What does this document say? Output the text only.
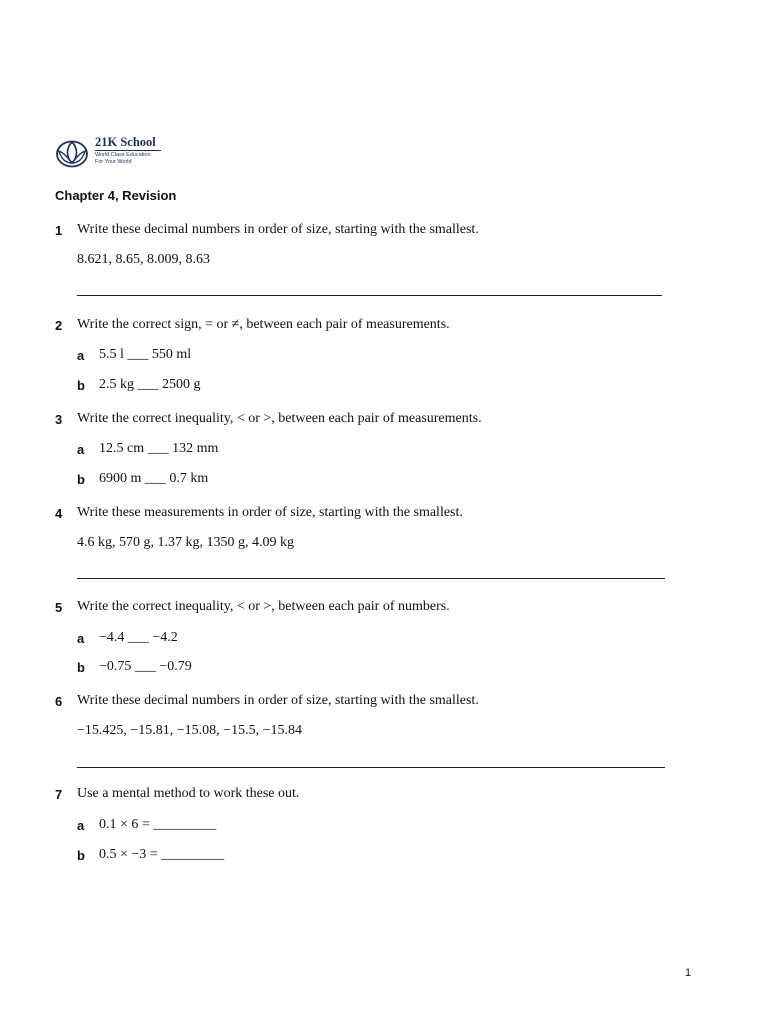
21K School
World Class Education
For Your World
Chapter 4, Revision
1 Write these decimal numbers in order of size, starting with the smallest.
8.621, 8.65, 8.009, 8.63
2 Write the correct sign, = or ≠, between each pair of measurements.
a 5.5 l ___ 550 ml
b 2.5 kg ___ 2500 g
3 Write the correct inequality, < or >, between each pair of measurements.
a 12.5 cm ___ 132 mm
b 6900 m ___ 0.7 km
4 Write these measurements in order of size, starting with the smallest.
4.6 kg, 570 g, 1.37 kg, 1350 g, 4.09 kg
5 Write the correct inequality, < or >, between each pair of numbers.
a −4.4 ___ −4.2
b −0.75 ___ −0.79
6 Write these decimal numbers in order of size, starting with the smallest.
−15.425, −15.81, −15.08, −15.5, −15.84
7 Use a mental method to work these out.
a 0.1 × 6 = _________
b 0.5 × −3 = _________
1
